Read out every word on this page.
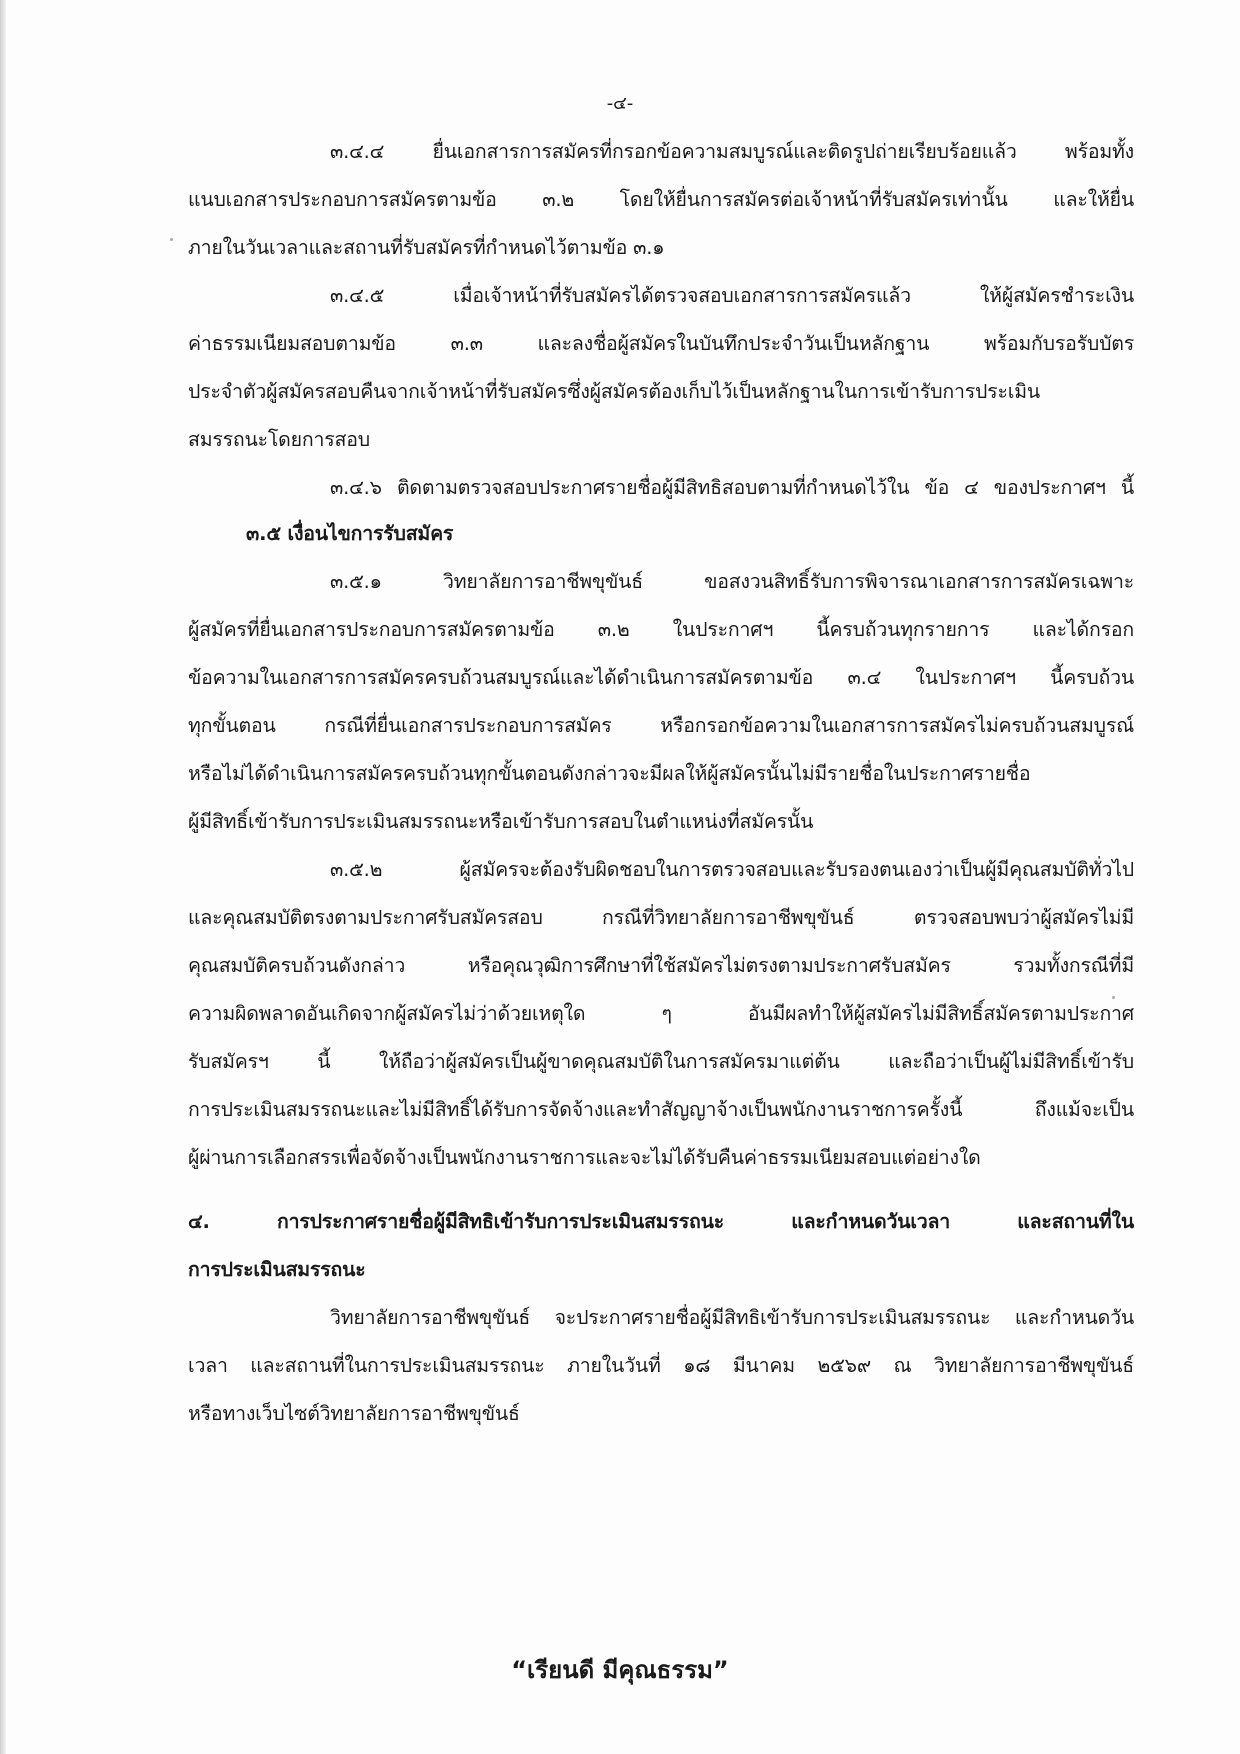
-๔-
๓.๔.๔ ยื่นเอกสารการสมัครที่กรอกข้อความสมบูรณ์และติดรูปถ่ายเรียบร้อยแล้ว พร้อมทั้ง
แนบเอกสารประกอบการสมัครตามข้อ ๓.๒ โดยให้ยื่นการสมัครต่อเจ้าหน้าที่รับสมัครเท่านั้น และให้ยื่น
ภายในวันเวลาและสถานที่รับสมัครที่กำหนดไว้ตามข้อ ๓.๑
๓.๔.๕ เมื่อเจ้าหน้าที่รับสมัครได้ตรวจสอบเอกสารการสมัครแล้ว ให้ผู้สมัครชำระเงิน
ค่าธรรมเนียมสอบตามข้อ ๓.๓ และลงชื่อผู้สมัครในบันทึกประจำวันเป็นหลักฐาน พร้อมกับรอรับบัตร
ประจำตัวผู้สมัครสอบคืนจากเจ้าหน้าที่รับสมัครซึ่งผู้สมัครต้องเก็บไว้เป็นหลักฐานในการเข้ารับการประเมิน
สมรรถนะโดยการสอบ
๓.๔.๖ ติดตามตรวจสอบประกาศรายชื่อผู้มีสิทธิสอบตามที่กำหนดไว้ใน ข้อ ๔ ของประกาศฯ นี้
๓.๕ เงื่อนไขการรับสมัคร
๓.๕.๑ วิทยาลัยการอาชีพขุขันธ์ ขอสงวนสิทธิ์รับการพิจารณาเอกสารการสมัครเฉพาะ
ผู้สมัครที่ยื่นเอกสารประกอบการสมัครตามข้อ ๓.๒ ในประกาศฯ นี้ครบถ้วนทุกรายการ และได้กรอก
ข้อความในเอกสารการสมัครครบถ้วนสมบูรณ์และได้ดำเนินการสมัครตามข้อ ๓.๔ ในประกาศฯ นี้ครบถ้วน
ทุกขั้นตอน กรณีที่ยื่นเอกสารประกอบการสมัคร หรือกรอกข้อความในเอกสารการสมัครไม่ครบถ้วนสมบูรณ์
หรือไม่ได้ดำเนินการสมัครครบถ้วนทุกขั้นตอนดังกล่าวจะมีผลให้ผู้สมัครนั้นไม่มีรายชื่อในประกาศรายชื่อ
ผู้มีสิทธิ์เข้ารับการประเมินสมรรถนะหรือเข้ารับการสอบในตำแหน่งที่สมัครนั้น
๓.๕.๒ ผู้สมัครจะต้องรับผิดชอบในการตรวจสอบและรับรองตนเองว่าเป็นผู้มีคุณสมบัติทั่วไป
และคุณสมบัติตรงตามประกาศรับสมัครสอบ กรณีที่วิทยาลัยการอาชีพขุขันธ์ ตรวจสอบพบว่าผู้สมัครไม่มี
คุณสมบัติครบถ้วนดังกล่าว หรือคุณวุฒิการศึกษาที่ใช้สมัครไม่ตรงตามประกาศรับสมัคร รวมทั้งกรณีที่มี
ความผิดพลาดอันเกิดจากผู้สมัครไม่ว่าด้วยเหตุใด ๆ อันมีผลทำให้ผู้สมัครไม่มีสิทธิ์สมัครตามประกาศ
รับสมัครฯ นี้ ให้ถือว่าผู้สมัครเป็นผู้ขาดคุณสมบัติในการสมัครมาแต่ต้น และถือว่าเป็นผู้ไม่มีสิทธิ์เข้ารับ
การประเมินสมรรถนะและไม่มีสิทธิ์ได้รับการจัดจ้างและทำสัญญาจ้างเป็นพนักงานราชการครั้งนี้ ถึงแม้จะเป็น
ผู้ผ่านการเลือกสรรเพื่อจัดจ้างเป็นพนักงานราชการและจะไม่ได้รับคืนค่าธรรมเนียมสอบแต่อย่างใด
๔. การประกาศรายชื่อผู้มีสิทธิเข้ารับการประเมินสมรรถนะ และกำหนดวันเวลา และสถานที่ใน
การประเมินสมรรถนะ
วิทยาลัยการอาชีพขุขันธ์ จะประกาศรายชื่อผู้มีสิทธิเข้ารับการประเมินสมรรถนะ และกำหนดวัน
เวลา และสถานที่ในการประเมินสมรรถนะ ภายในวันที่ ๑๘ มีนาคม ๒๕๖๙ ณ วิทยาลัยการอาชีพขุขันธ์
หรือทางเว็บไซต์วิทยาลัยการอาชีพขุขันธ์
“เรียนดี มีคุณธรรม”
